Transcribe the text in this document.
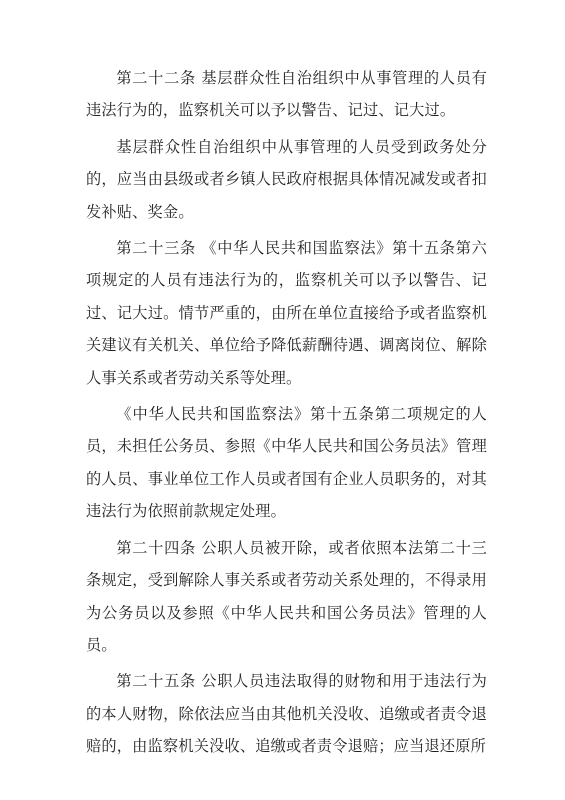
第二十二条 基层群众性自治组织中从事管理的人员有违法行为的，监察机关可以予以警告、记过、记大过。

基层群众性自治组织中从事管理的人员受到政务处分的，应当由县级或者乡镇人民政府根据具体情况减发或者扣发补贴、奖金。

第二十三条 《中华人民共和国监察法》第十五条第六项规定的人员有违法行为的，监察机关可以予以警告、记过、记大过。情节严重的，由所在单位直接给予或者监察机关建议有关机关、单位给予降低薪酬待遇、调离岗位、解除人事关系或者劳动关系等处理。

《中华人民共和国监察法》第十五条第二项规定的人员，未担任公务员、参照《中华人民共和国公务员法》管理的人员、事业单位工作人员或者国有企业人员职务的，对其违法行为依照前款规定处理。

第二十四条 公职人员被开除，或者依照本法第二十三条规定，受到解除人事关系或者劳动关系处理的，不得录用为公务员以及参照《中华人民共和国公务员法》管理的人员。

第二十五条 公职人员违法取得的财物和用于违法行为的本人财物，除依法应当由其他机关没收、追缴或者责令退赔的，由监察机关没收、追缴或者责令退赔；应当退还原所
